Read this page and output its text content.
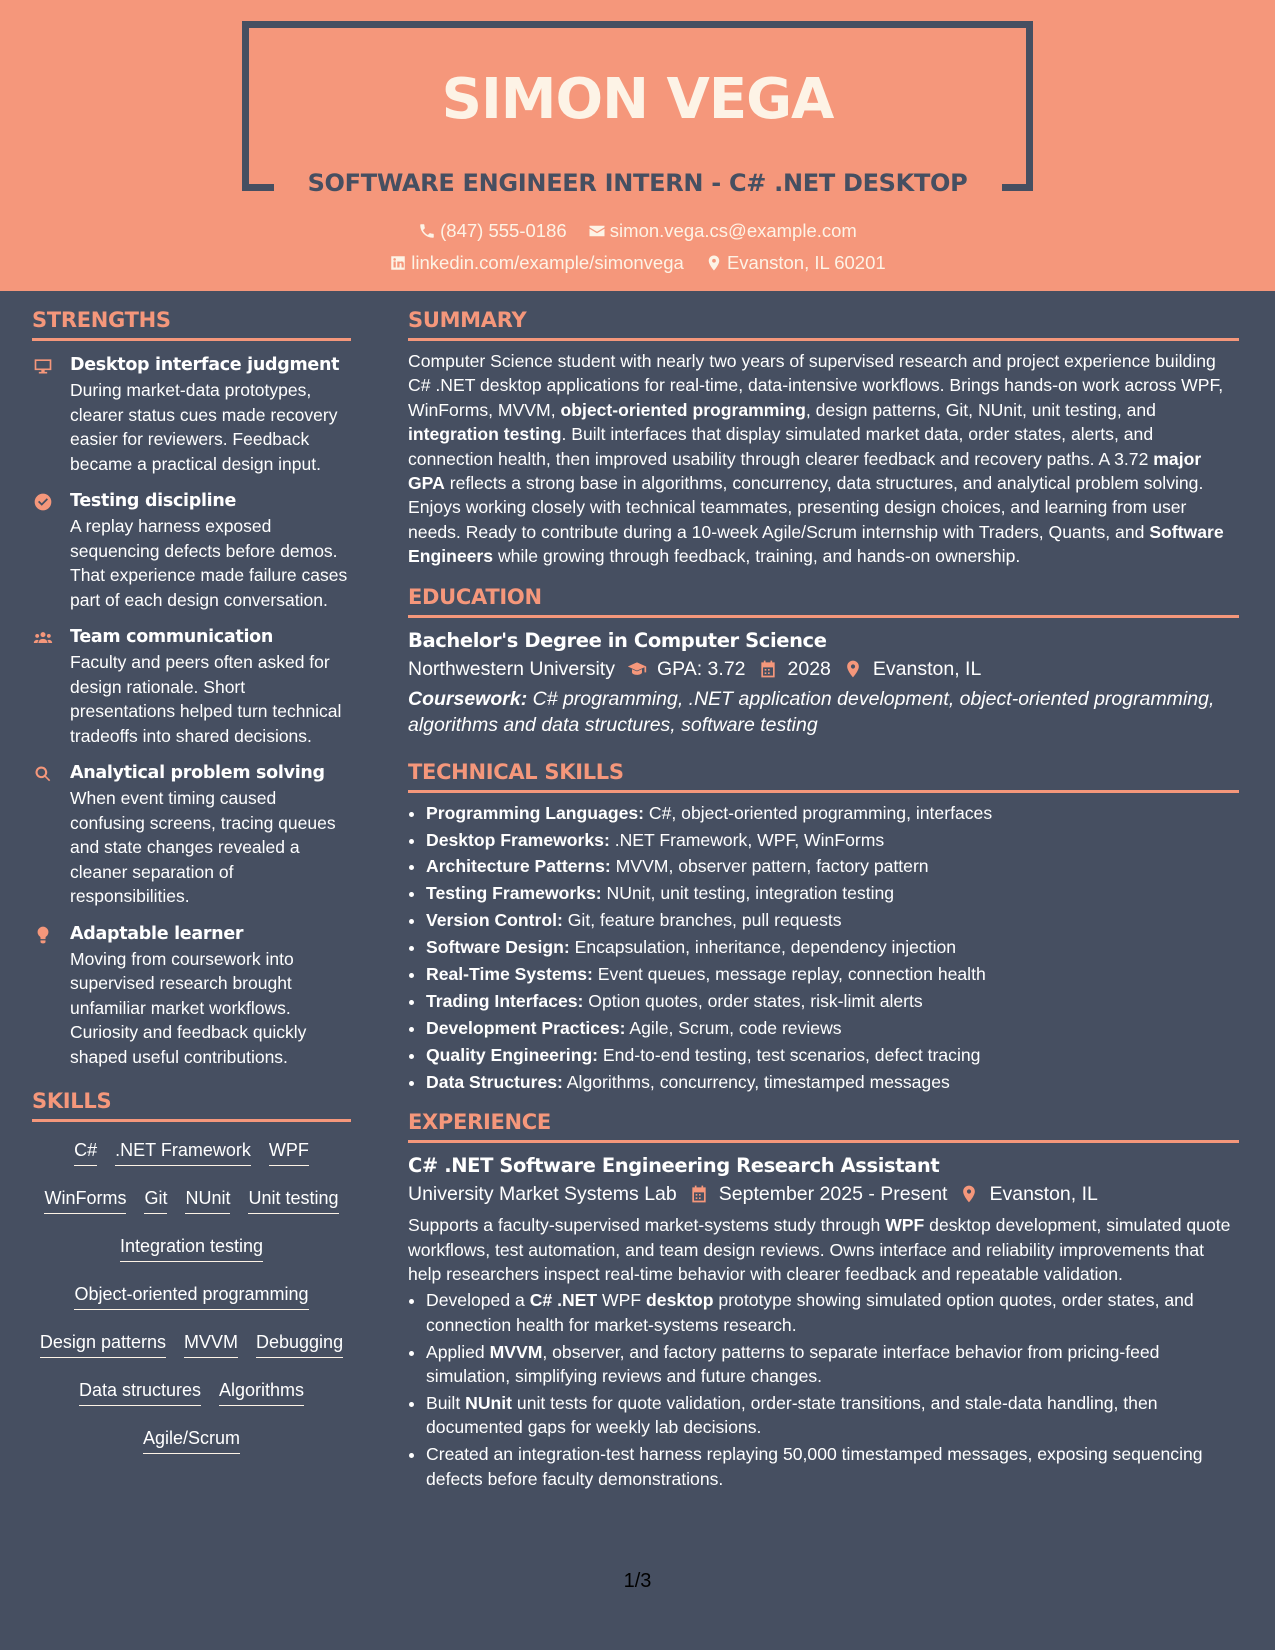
SIMON VEGA
SOFTWARE ENGINEER INTERN - C# .NET DESKTOP
(847) 555-0186
simon.vega.cs@example.com
linkedin.com/example/simonvega
Evanston, IL 60201
STRENGTHS
Desktop interface judgment
During market-data prototypes, clearer status cues made recovery easier for reviewers. Feedback became a practical design input.
Testing discipline
A replay harness exposed sequencing defects before demos. That experience made failure cases part of each design conversation.
Team communication
Faculty and peers often asked for design rationale. Short presentations helped turn technical tradeoffs into shared decisions.
Analytical problem solving
When event timing caused confusing screens, tracing queues and state changes revealed a cleaner separation of responsibilities.
Adaptable learner
Moving from coursework into supervised research brought unfamiliar market workflows. Curiosity and feedback quickly shaped useful contributions.
SKILLS
C# .NET Framework WPF
WinForms Git NUnit Unit testing
Integration testing
Object-oriented programming
Design patterns MVVM Debugging
Data structures Algorithms
Agile/Scrum
SUMMARY
Computer Science student with nearly two years of supervised research and project experience building C# .NET desktop applications for real-time, data-intensive workflows. Brings hands-on work across WPF, WinForms, MVVM, object-oriented programming, design patterns, Git, NUnit, unit testing, and integration testing. Built interfaces that display simulated market data, order states, alerts, and connection health, then improved usability through clearer feedback and recovery paths. A 3.72 major GPA reflects a strong base in algorithms, concurrency, data structures, and analytical problem solving. Enjoys working closely with technical teammates, presenting design choices, and learning from user needs. Ready to contribute during a 10-week Agile/Scrum internship with Traders, Quants, and Software Engineers while growing through feedback, training, and hands-on ownership.
EDUCATION
Bachelor's Degree in Computer Science
Northwestern University GPA: 3.72 2028 Evanston, IL
Coursework: C# programming, .NET application development, object-oriented programming, algorithms and data structures, software testing
TECHNICAL SKILLS
• Programming Languages: C#, object-oriented programming, interfaces
• Desktop Frameworks: .NET Framework, WPF, WinForms
• Architecture Patterns: MVVM, observer pattern, factory pattern
• Testing Frameworks: NUnit, unit testing, integration testing
• Version Control: Git, feature branches, pull requests
• Software Design: Encapsulation, inheritance, dependency injection
• Real-Time Systems: Event queues, message replay, connection health
• Trading Interfaces: Option quotes, order states, risk-limit alerts
• Development Practices: Agile, Scrum, code reviews
• Quality Engineering: End-to-end testing, test scenarios, defect tracing
• Data Structures: Algorithms, concurrency, timestamped messages
EXPERIENCE
C# .NET Software Engineering Research Assistant
University Market Systems Lab September 2025 - Present Evanston, IL
Supports a faculty-supervised market-systems study through WPF desktop development, simulated quote workflows, test automation, and team design reviews. Owns interface and reliability improvements that help researchers inspect real-time behavior with clearer feedback and repeatable validation.
• Developed a C# .NET WPF desktop prototype showing simulated option quotes, order states, and connection health for market-systems research.
• Applied MVVM, observer, and factory patterns to separate interface behavior from pricing-feed simulation, simplifying reviews and future changes.
• Built NUnit unit tests for quote validation, order-state transitions, and stale-data handling, then documented gaps for weekly lab decisions.
• Created an integration-test harness replaying 50,000 timestamped messages, exposing sequencing defects before faculty demonstrations.
1/3
